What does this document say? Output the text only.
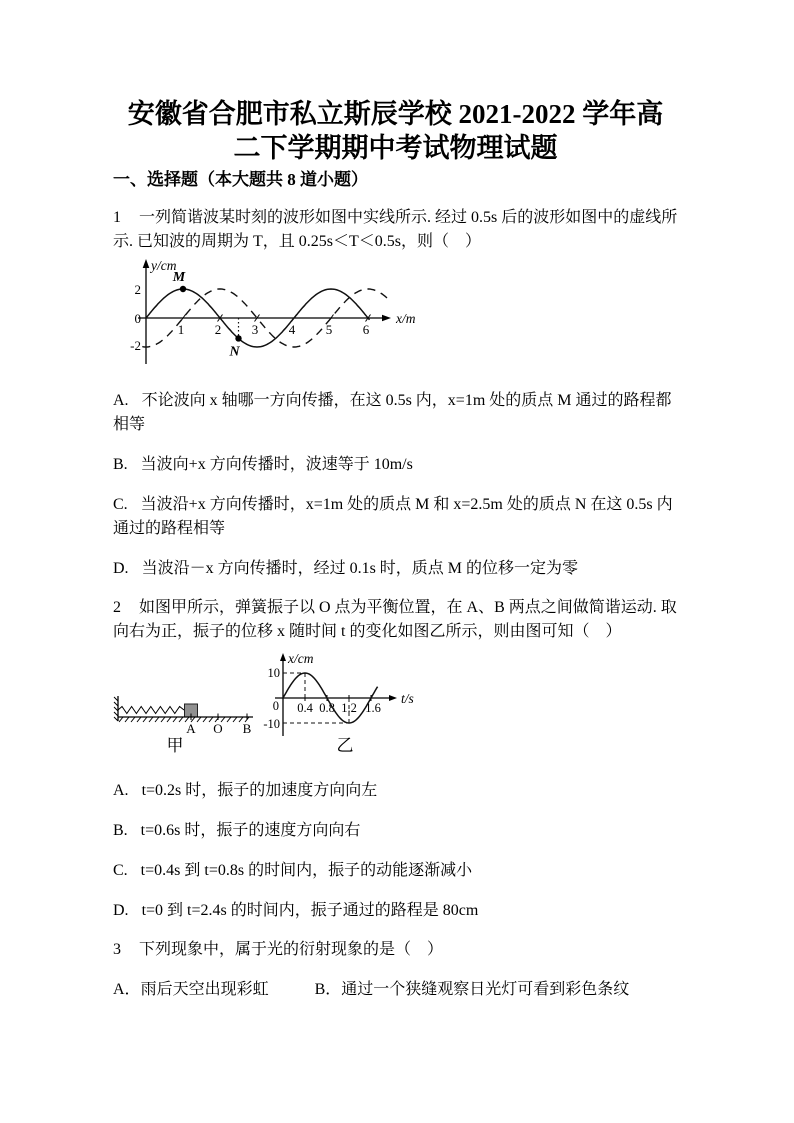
安徽省合肥市私立斯辰学校 2021-2022 学年高
二下学期期中考试物理试题
一、选择题（本大题共 8 道小题）

1 一列简谐波某时刻的波形如图中实线所示. 经过 0.5s 后的波形如图中的虚线所示. 已知波的周期为 T，且 0.25s＜T＜0.5s，则（　）

y/cm
x/m
2
0
-2
1 2 3 4 5 6
M
N

A. 不论波向 x 轴哪一方向传播，在这 0.5s 内，x=1m 处的质点 M 通过的路程都相等

B. 当波向+x 方向传播时，波速等于 10m/s

C. 当波沿+x 方向传播时，x=1m 处的质点 M 和 x=2.5m 处的质点 N 在这 0.5s 内通过的路程相等

D. 当波沿－x 方向传播时，经过 0.1s 时，质点 M 的位移一定为零

2 如图甲所示，弹簧振子以 O 点为平衡位置，在 A、B 两点之间做简谐运动. 取向右为正，振子的位移 x 随时间 t 的变化如图乙所示，则由图可知（　）

A O B
甲
x/cm
t/s
10
0
-10
0.4 0.8 1.2 1.6
乙

A. t=0.2s 时，振子的加速度方向向左

B. t=0.6s 时，振子的速度方向向右

C. t=0.4s 到 t=0.8s 的时间内，振子的动能逐渐减小

D. t=0 到 t=2.4s 的时间内，振子通过的路程是 80cm

3 下列现象中，属于光的衍射现象的是（　）

A．雨后天空出现彩虹	B．通过一个狭缝观察日光灯可看到彩色条纹
